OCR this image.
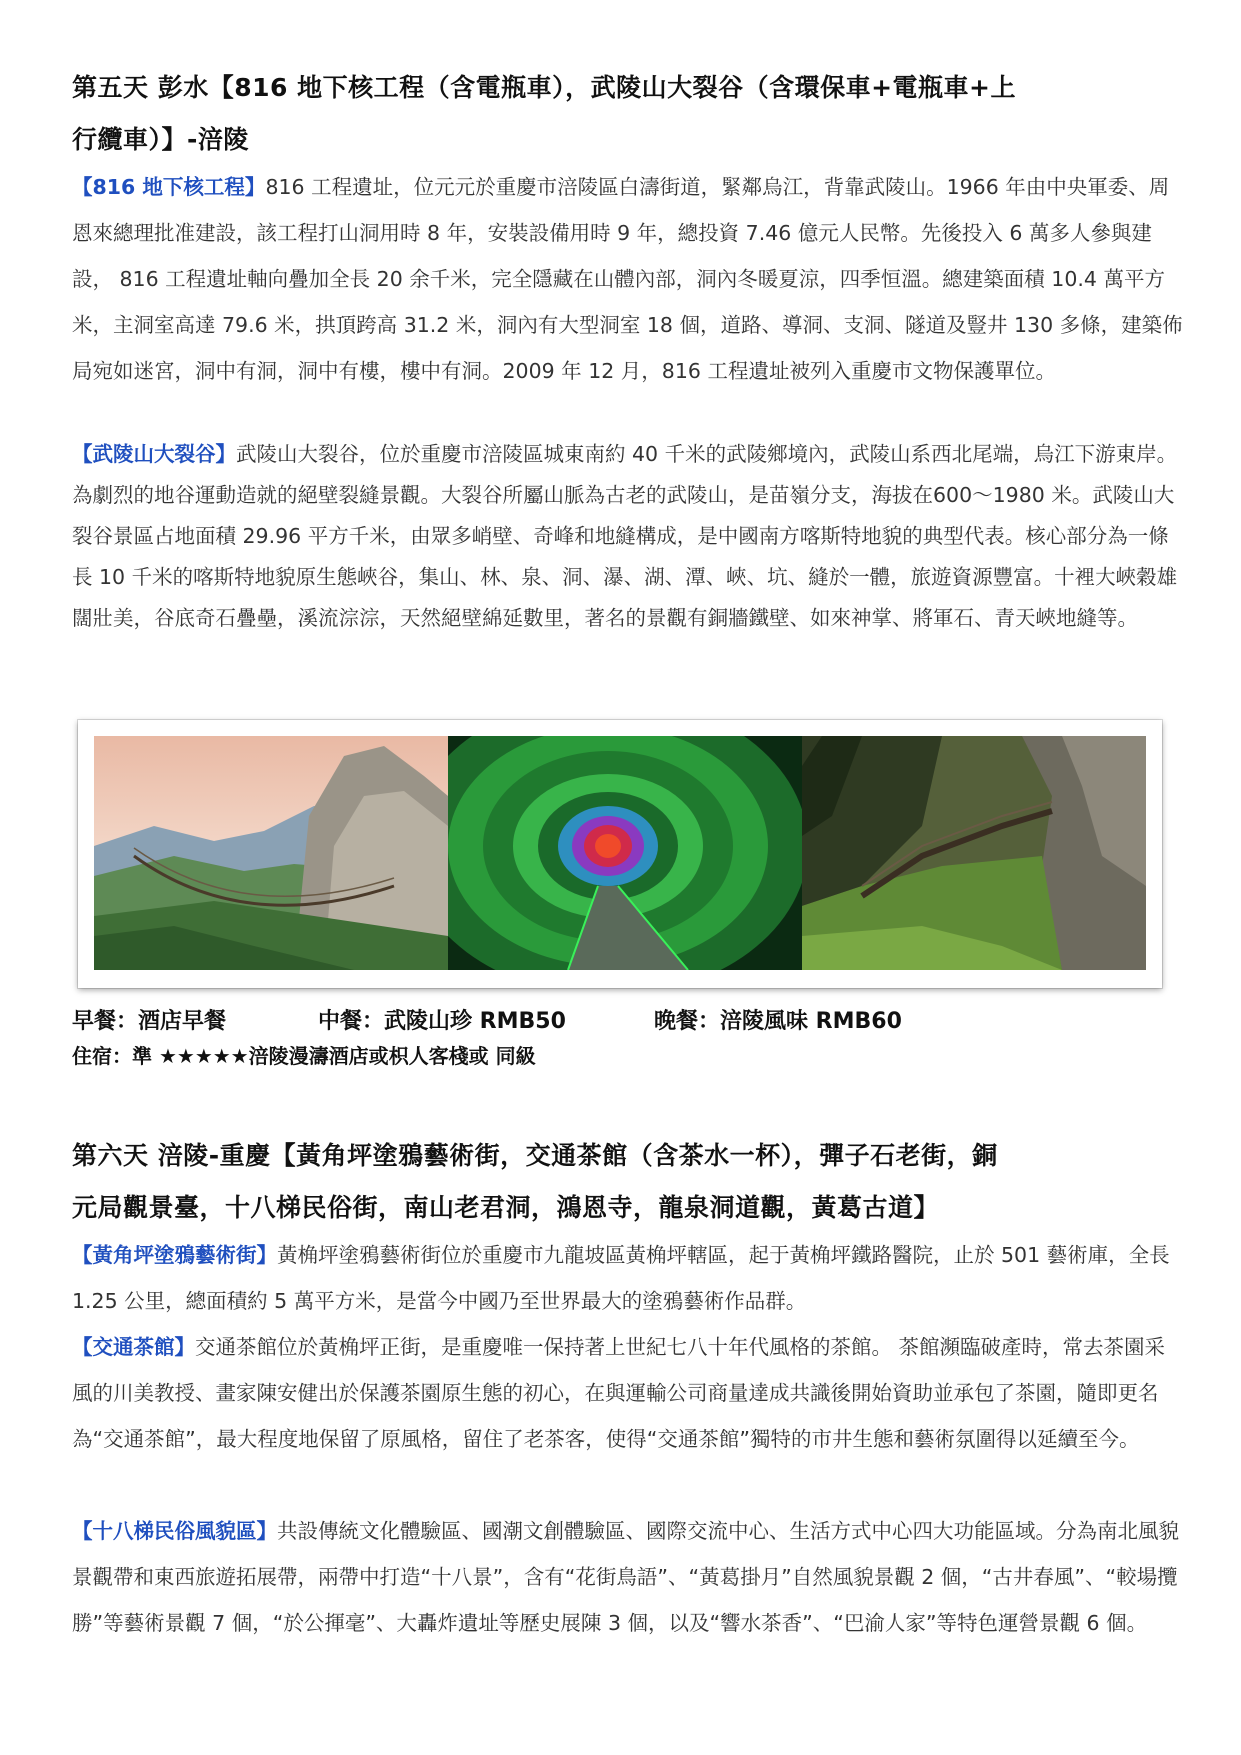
第五天 彭水【816 地下核工程（含電瓶車），武陵山大裂谷（含環保車+電瓶車+上
行纜車）】-涪陵
【816 地下核工程】816 工程遺址，位元元於重慶市涪陵區白濤街道，緊鄰烏江，背靠武陵山。1966 年由中央軍委、周恩來總理批准建設，該工程打山洞用時 8 年，安裝設備用時 9 年，總投資 7.46 億元人民幣。先後投入 6 萬多人參與建設， 816 工程遺址軸向疊加全長 20 余千米，完全隱藏在山體內部，洞內冬暖夏涼，四季恒溫。總建築面積 10.4 萬平方米，主洞室高達 79.6 米，拱頂跨高 31.2 米，洞內有大型洞室 18 個，道路、導洞、支洞、隧道及豎井 130 多條，建築佈局宛如迷宮，洞中有洞，洞中有樓，樓中有洞。2009 年 12 月，816 工程遺址被列入重慶市文物保護單位。
【武陵山大裂谷】武陵山大裂谷，位於重慶市涪陵區城東南約 40 千米的武陵鄉境內，武陵山系西北尾端，烏江下游東岸。為劇烈的地谷運動造就的絕壁裂縫景觀。大裂谷所屬山脈為古老的武陵山，是苗嶺分支，海拔在600～1980 米。武陵山大裂谷景區占地面積 29.96 平方千米，由眾多峭壁、奇峰和地縫構成，是中國南方喀斯特地貌的典型代表。核心部分為一條長 10 千米的喀斯特地貌原生態峽谷，集山、林、泉、洞、瀑、湖、潭、峽、坑、縫於一體，旅遊資源豐富。十裡大峽穀雄闊壯美，谷底奇石疊壘，溪流淙淙，天然絕壁綿延數里，著名的景觀有銅牆鐵壁、如來神掌、將軍石、青天峽地縫等。
早餐：酒店早餐	中餐：武陵山珍 RMB50	晚餐：涪陵風味 RMB60
住宿：準 ★★★★★涪陵漫濤酒店或枳人客棧或 同級
第六天 涪陵-重慶【黃角坪塗鴉藝術街，交通茶館（含茶水一杯），彈子石老街，銅
元局觀景臺，十八梯民俗街，南山老君洞，鴻恩寺，龍泉洞道觀，黃葛古道】
【黃角坪塗鴉藝術街】黃桷坪塗鴉藝術街位於重慶市九龍坡區黃桷坪轄區，起于黃桷坪鐵路醫院，止於 501 藝術庫，全長 1.25 公里，總面積約 5 萬平方米，是當今中國乃至世界最大的塗鴉藝術作品群。
【交通茶館】交通茶館位於黃桷坪正街，是重慶唯一保持著上世紀七八十年代風格的茶館。 茶館瀕臨破產時，常去茶園采風的川美教授、畫家陳安健出於保護茶園原生態的初心，在與運輸公司商量達成共識後開始資助並承包了茶園，隨即更名為“交通茶館”，最大程度地保留了原風格，留住了老茶客，使得“交通茶館”獨特的市井生態和藝術氛圍得以延續至今。
【十八梯民俗風貌區】共設傳統文化體驗區、國潮文創體驗區、國際交流中心、生活方式中心四大功能區域。分為南北風貌景觀帶和東西旅遊拓展帶，兩帶中打造“十八景”，含有“花街鳥語”、“黃葛掛月”自然風貌景觀 2 個，“古井春風”、“較場攬勝”等藝術景觀 7 個，“於公揮毫”、大轟炸遺址等歷史展陳 3 個，以及“響水茶香”、“巴渝人家”等特色運營景觀 6 個。
